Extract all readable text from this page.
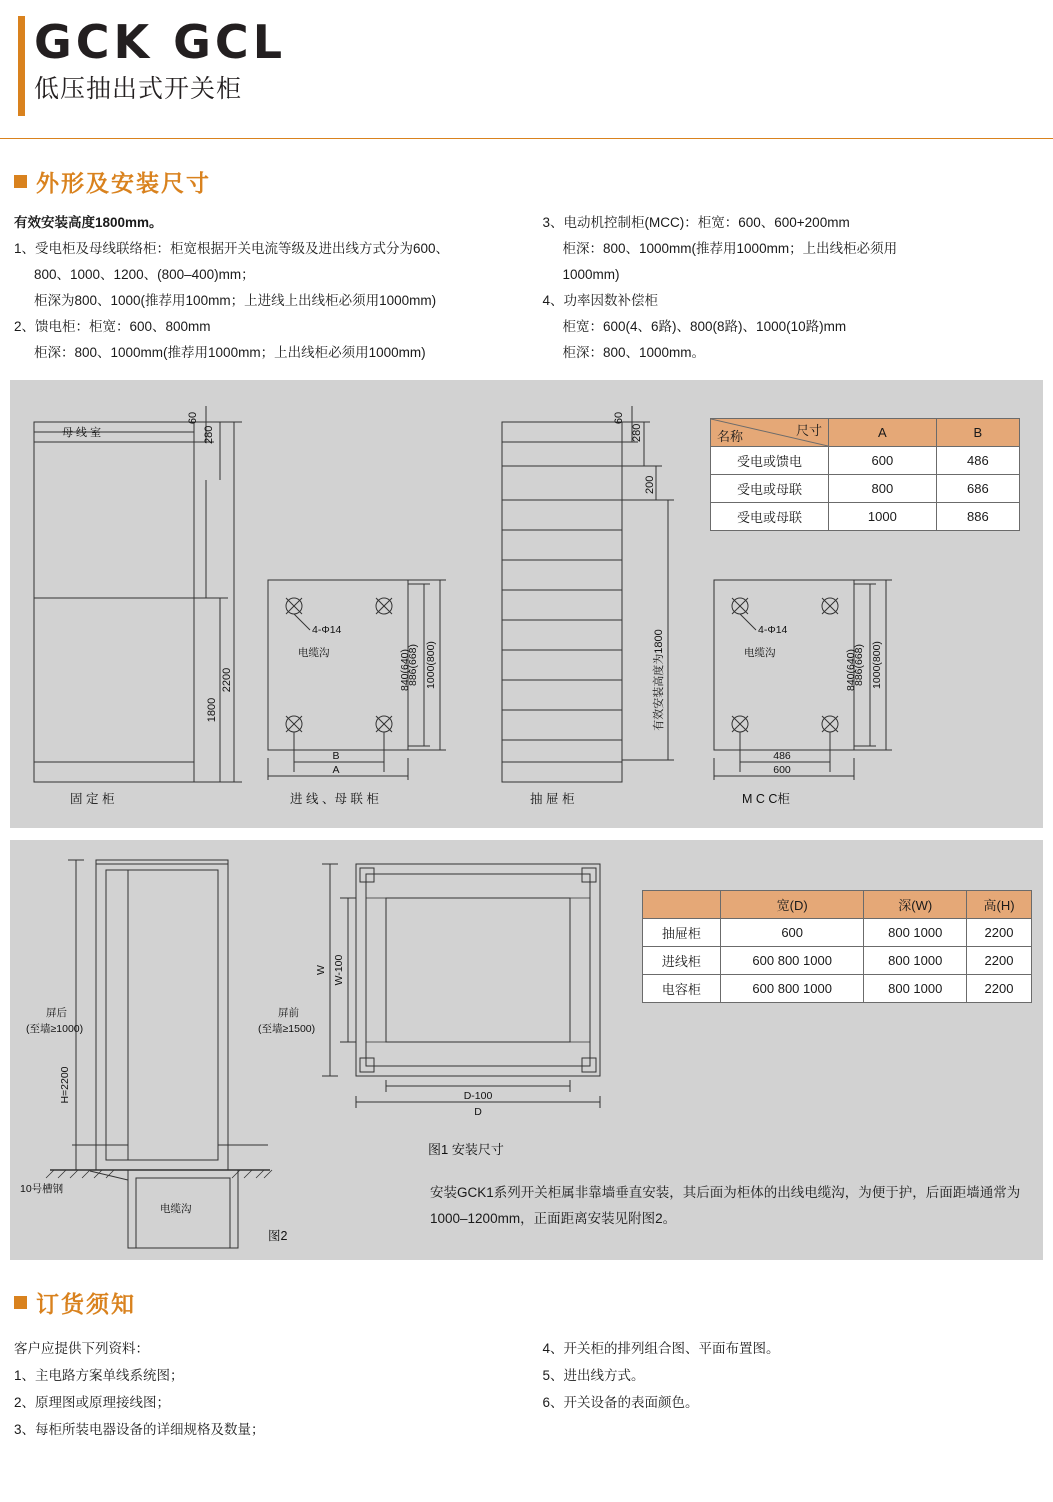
GCK GCL
低压抽出式开关柜
外形及安装尺寸
有效安装高度1800mm。
1、受电柜及母线联络柜：柜宽根据开关电流等级及进出线方式分为600、
800、1000、1200、(800–400)mm；
柜深为800、1000(推荐用100mm；上进线上出线柜必须用1000mm)
2、馈电柜：柜宽：600、800mm
柜深：800、1000mm(推荐用1000mm；上出线柜必须用1000mm)
3、电动机控制柜(MCC)：柜宽：600、600+200mm
柜深：800、1000mm(推荐用1000mm；上出线柜必须用
1000mm)
4、功率因数补偿柜
柜宽：600(4、6路)、800(8路)、1000(10路)mm
柜深：800、1000mm。
母 线 室
60
280
1800
2200
固 定 柜
4-Φ14
电缆沟	886(668) 1000(800)
840(640)
B
A
进 线 、母 联 柜
60
280
200
有效安装高度为1800
抽 屉 柜
4-Φ14
电缆沟	886(668) 1000(800)
840(640)
486
600
M C C柜
尺寸
名称	A	B
受电或馈电	600	486
受电或母联	800	686
受电或母联	1000	886
屏后
(至墙≥1000)
屏前
(至墙≥1500)
H=2200
10号槽钢
电缆沟
图2
W W-100
D-100
D
图1 安装尺寸
	宽(D)	深(W)	高(H)
抽屉柜	600	800 1000	2200
进线柜	600 800 1000	800 1000	2200
电容柜	600 800 1000	800 1000	2200
安装GCK1系列开关柜属非靠墙垂直安装，其后面为柜体的出线电缆沟，为便于护，后面距墙通常为1000–1200mm，正面距离安装见附图2。
订货须知
客户应提供下列资料：
1、主电路方案单线系统图；
2、原理图或原理接线图；
3、每柜所装电器设备的详细规格及数量；
4、开关柜的排列组合图、平面布置图。
5、进出线方式。
6、开关设备的表面颜色。
